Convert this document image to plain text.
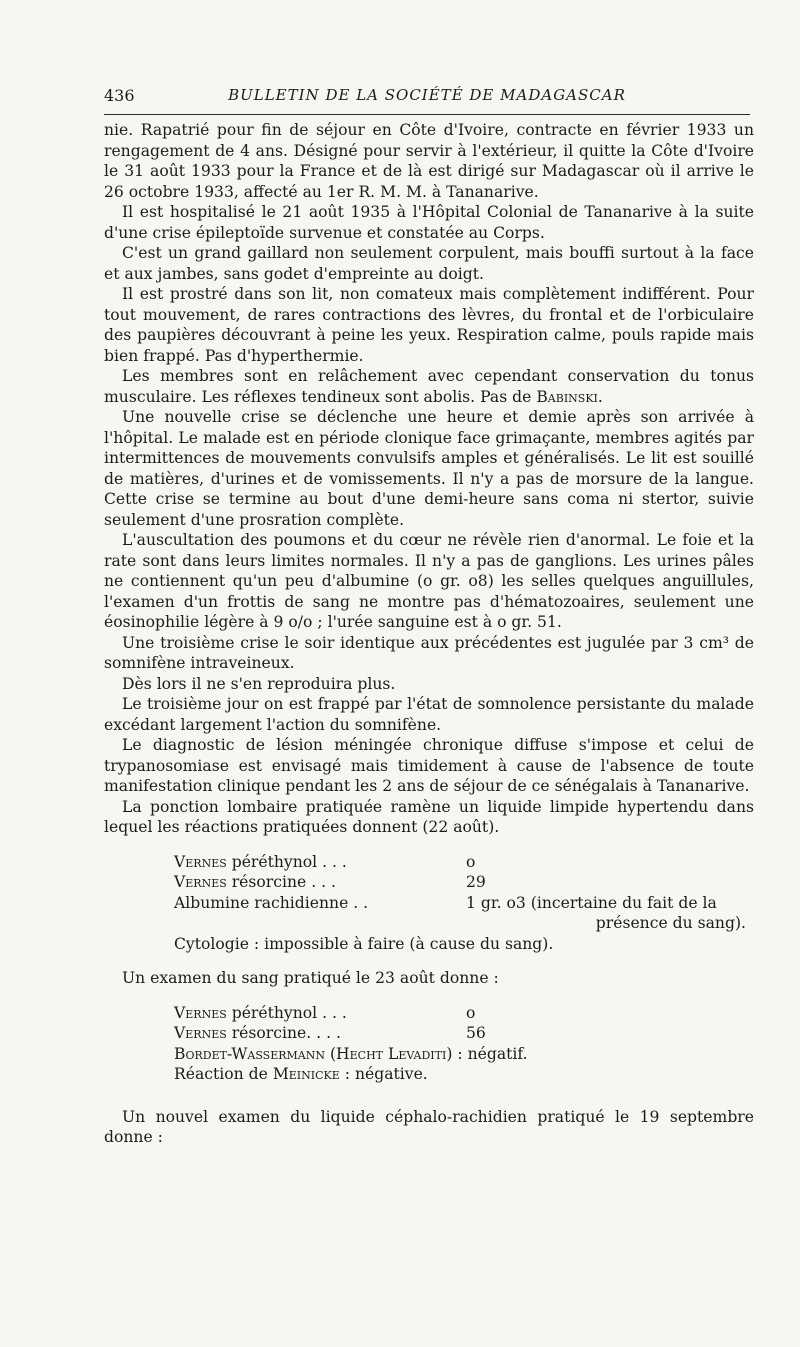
436	BULLETIN DE LA SOCIÉTÉ DE MADAGASCAR

nie. Rapatrié pour fin de séjour en Côte d'Ivoire, contracte en février 1933 un rengagement de 4 ans. Désigné pour servir à l'extérieur, il quitte la Côte d'Ivoire le 31 août 1933 pour la France et de là est dirigé sur Madagascar où il arrive le 26 octobre 1933, affecté au 1er R. M. M. à Tananarive.

Il est hospitalisé le 21 août 1935 à l'Hôpital Colonial de Tananarive à la suite d'une crise épileptoïde survenue et constatée au Corps.

C'est un grand gaillard non seulement corpulent, mais bouffi surtout à la face et aux jambes, sans godet d'empreinte au doigt.

Il est prostré dans son lit, non comateux mais complètement indifférent. Pour tout mouvement, de rares contractions des lèvres, du frontal et de l'orbiculaire des paupières découvrant à peine les yeux. Respiration calme, pouls rapide mais bien frappé. Pas d'hyperthermie.

Les membres sont en relâchement avec cependant conservation du tonus musculaire. Les réflexes tendineux sont abolis. Pas de Babinski.

Une nouvelle crise se déclenche une heure et demie après son arrivée à l'hôpital. Le malade est en période clonique face grimaçante, membres agités par intermittences de mouvements convulsifs amples et généralisés. Le lit est souillé de matières, d'urines et de vomissements. Il n'y a pas de morsure de la langue. Cette crise se termine au bout d'une demi-heure sans coma ni stertor, suivie seulement d'une prosration complète.

L'auscultation des poumons et du cœur ne révèle rien d'anormal. Le foie et la rate sont dans leurs limites normales. Il n'y a pas de ganglions. Les urines pâles ne contiennent qu'un peu d'albumine (o gr. o8) les selles quelques anguillules, l'examen d'un frottis de sang ne montre pas d'hématozoaires, seulement une éosinophilie légère à 9 o/o ; l'urée sanguine est à o gr. 51.

Une troisième crise le soir identique aux précédentes est jugulée par 3 cm³ de somnifène intraveineux.

Dès lors il ne s'en reproduira plus.

Le troisième jour on est frappé par l'état de somnolence persistante du malade excédant largement l'action du somnifène.

Le diagnostic de lésion méningée chronique diffuse s'impose et celui de trypanosomiase est envisagé mais timidement à cause de l'absence de toute manifestation clinique pendant les 2 ans de séjour de ce sénégalais à Tananarive.

La ponction lombaire pratiquée ramène un liquide limpide hypertendu dans lequel les réactions pratiquées donnent (22 août).

Vernes péréthynol . . .	o
Vernes résorcine . . .	29
Albumine rachidienne . .	1 gr. o3 (incertaine du fait de la
présence du sang).
Cytologie : impossible à faire (à cause du sang).

Un examen du sang pratiqué le 23 août donne :

Vernes péréthynol . . .	o
Vernes résorcine. . . .	56
Bordet-Wassermann (Hecht Levaditi) : négatif.
Réaction de Meinicke : négative.

Un nouvel examen du liquide céphalo-rachidien pratiqué le 19 septembre donne :
